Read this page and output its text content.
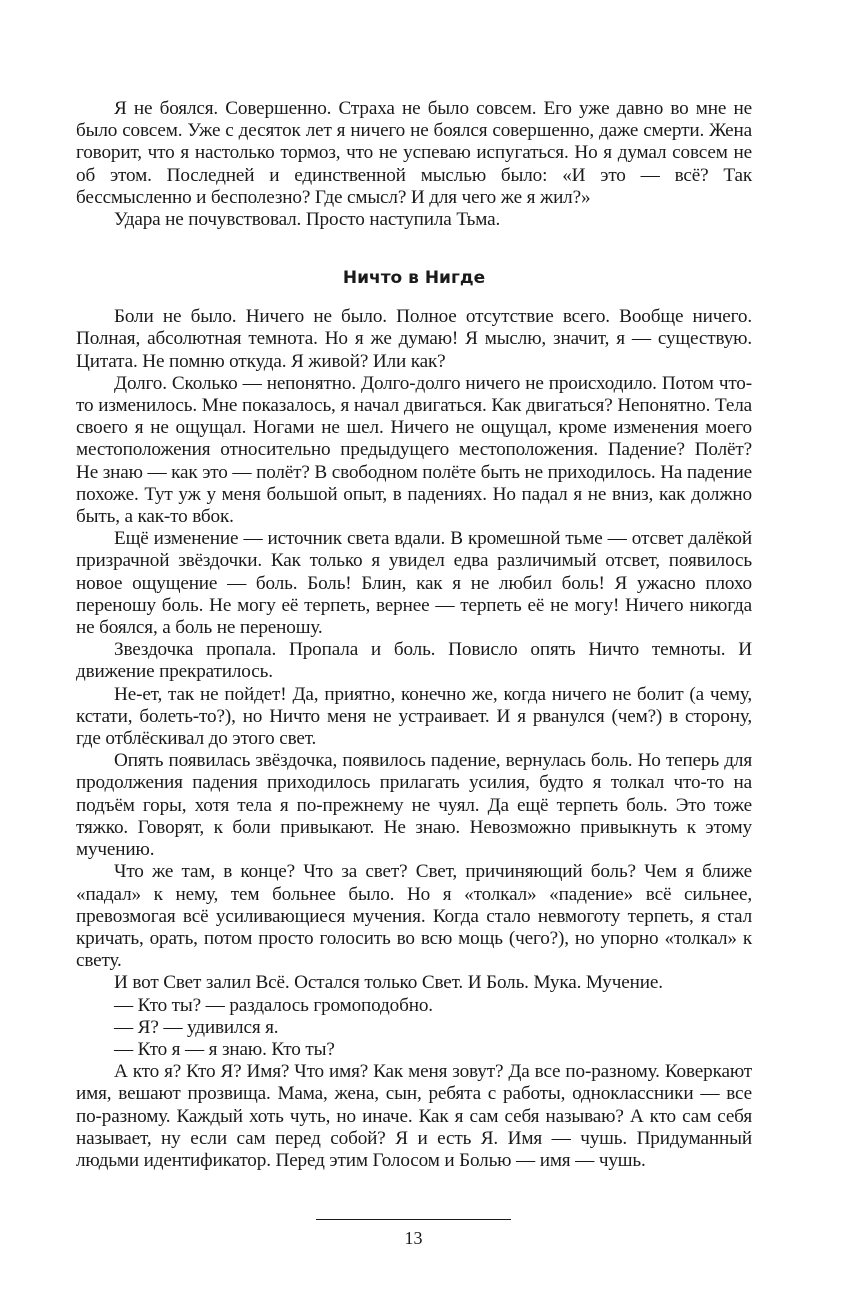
Я не боялся. Совершенно. Страха не было совсем. Его уже давно во мне не было совсем. Уже с десяток лет я ничего не боялся совершенно, даже смерти. Жена говорит, что я настолько тормоз, что не успеваю испугаться. Но я думал совсем не об этом. Последней и единственной мыслью было: «И это — всё? Так бессмысленно и бесполезно? Где смысл? И для чего же я жил?»

Удара не почувствовал. Просто наступила Тьма.

Ничто в Нигде

Боли не было. Ничего не было. Полное отсутствие всего. Вообще ничего. Полная, абсолютная темнота. Но я же думаю! Я мыслю, значит, я — существую. Цитата. Не помню откуда. Я живой? Или как?

Долго. Сколько — непонятно. Долго-долго ничего не происходило. Потом что-то изменилось. Мне показалось, я начал двигаться. Как двигаться? Непонятно. Тела своего я не ощущал. Ногами не шел. Ничего не ощущал, кроме изменения моего местоположения относительно предыдущего местоположения. Падение? Полёт? Не знаю — как это — полёт? В свободном полёте быть не приходилось. На падение похоже. Тут уж у меня большой опыт, в падениях. Но падал я не вниз, как должно быть, а как-то вбок.

Ещё изменение — источник света вдали. В кромешной тьме — отсвет далёкой призрачной звёздочки. Как только я увидел едва различимый отсвет, появилось новое ощущение — боль. Боль! Блин, как я не любил боль! Я ужасно плохо переношу боль. Не могу её терпеть, вернее — терпеть её не могу! Ничего никогда не боялся, а боль не переношу.

Звездочка пропала. Пропала и боль. Повисло опять Ничто темноты. И движение прекратилось.

Не-ет, так не пойдет! Да, приятно, конечно же, когда ничего не болит (а чему, кстати, болеть-то?), но Ничто меня не устраивает. И я рванулся (чем?) в сторону, где отблёскивал до этого свет.

Опять появилась звёздочка, появилось падение, вернулась боль. Но теперь для продолжения падения приходилось прилагать усилия, будто я толкал что-то на подъём горы, хотя тела я по-прежнему не чуял. Да ещё терпеть боль. Это тоже тяжко. Говорят, к боли привыкают. Не знаю. Невозможно привыкнуть к этому мучению.

Что же там, в конце? Что за свет? Свет, причиняющий боль? Чем я ближе «падал» к нему, тем больнее было. Но я «толкал» «падение» всё сильнее, превозмогая всё усиливающиеся мучения. Когда стало невмоготу терпеть, я стал кричать, орать, потом просто голосить во всю мощь (чего?), но упорно «толкал» к свету.

И вот Свет залил Всё. Остался только Свет. И Боль. Мука. Мучение.

— Кто ты? — раздалось громоподобно.

— Я? — удивился я.

— Кто я — я знаю. Кто ты?

А кто я? Кто Я? Имя? Что имя? Как меня зовут? Да все по-разному. Коверкают имя, вешают прозвища. Мама, жена, сын, ребята с работы, одноклассники — все по-разному. Каждый хоть чуть, но иначе. Как я сам себя называю? А кто сам себя называет, ну если сам перед собой? Я и есть Я. Имя — чушь. Придуманный людьми идентификатор. Перед этим Голосом и Болью — имя — чушь.

13
